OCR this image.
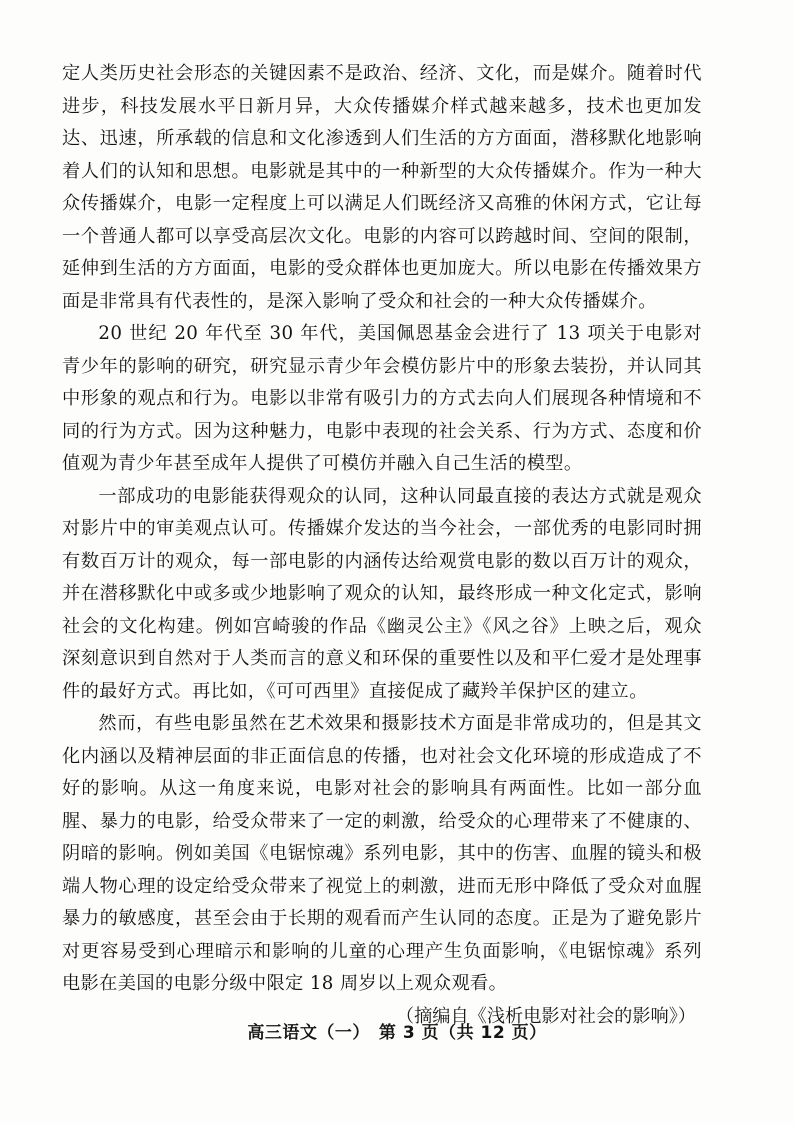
定人类历史社会形态的关键因素不是政治、经济、文化，而是媒介。随着时代进步，科技发展水平日新月异，大众传播媒介样式越来越多，技术也更加发达、迅速，所承载的信息和文化渗透到人们生活的方方面面，潜移默化地影响着人们的认知和思想。电影就是其中的一种新型的大众传播媒介。作为一种大众传播媒介，电影一定程度上可以满足人们既经济又高雅的休闲方式，它让每一个普通人都可以享受高层次文化。电影的内容可以跨越时间、空间的限制，延伸到生活的方方面面，电影的受众群体也更加庞大。所以电影在传播效果方面是非常具有代表性的，是深入影响了受众和社会的一种大众传播媒介。

20 世纪 20 年代至 30 年代，美国佩恩基金会进行了 13 项关于电影对青少年的影响的研究，研究显示青少年会模仿影片中的形象去装扮，并认同其中形象的观点和行为。电影以非常有吸引力的方式去向人们展现各种情境和不同的行为方式。因为这种魅力，电影中表现的社会关系、行为方式、态度和价值观为青少年甚至成年人提供了可模仿并融入自己生活的模型。

一部成功的电影能获得观众的认同，这种认同最直接的表达方式就是观众对影片中的审美观点认可。传播媒介发达的当今社会，一部优秀的电影同时拥有数百万计的观众，每一部电影的内涵传达给观赏电影的数以百万计的观众，并在潜移默化中或多或少地影响了观众的认知，最终形成一种文化定式，影响社会的文化构建。例如宫崎骏的作品《幽灵公主》《风之谷》上映之后，观众深刻意识到自然对于人类而言的意义和环保的重要性以及和平仁爱才是处理事件的最好方式。再比如，《可可西里》直接促成了藏羚羊保护区的建立。

然而，有些电影虽然在艺术效果和摄影技术方面是非常成功的，但是其文化内涵以及精神层面的非正面信息的传播，也对社会文化环境的形成造成了不好的影响。从这一角度来说，电影对社会的影响具有两面性。比如一部分血腥、暴力的电影，给受众带来了一定的刺激，给受众的心理带来了不健康的、阴暗的影响。例如美国《电锯惊魂》系列电影，其中的伤害、血腥的镜头和极端人物心理的设定给受众带来了视觉上的刺激，进而无形中降低了受众对血腥暴力的敏感度，甚至会由于长期的观看而产生认同的态度。正是为了避免影片对更容易受到心理暗示和影响的儿童的心理产生负面影响，《电锯惊魂》系列电影在美国的电影分级中限定 18 周岁以上观众观看。

（摘编自《浅析电影对社会的影响》）

高三语文（一）　第 3 页（共 12 页）
